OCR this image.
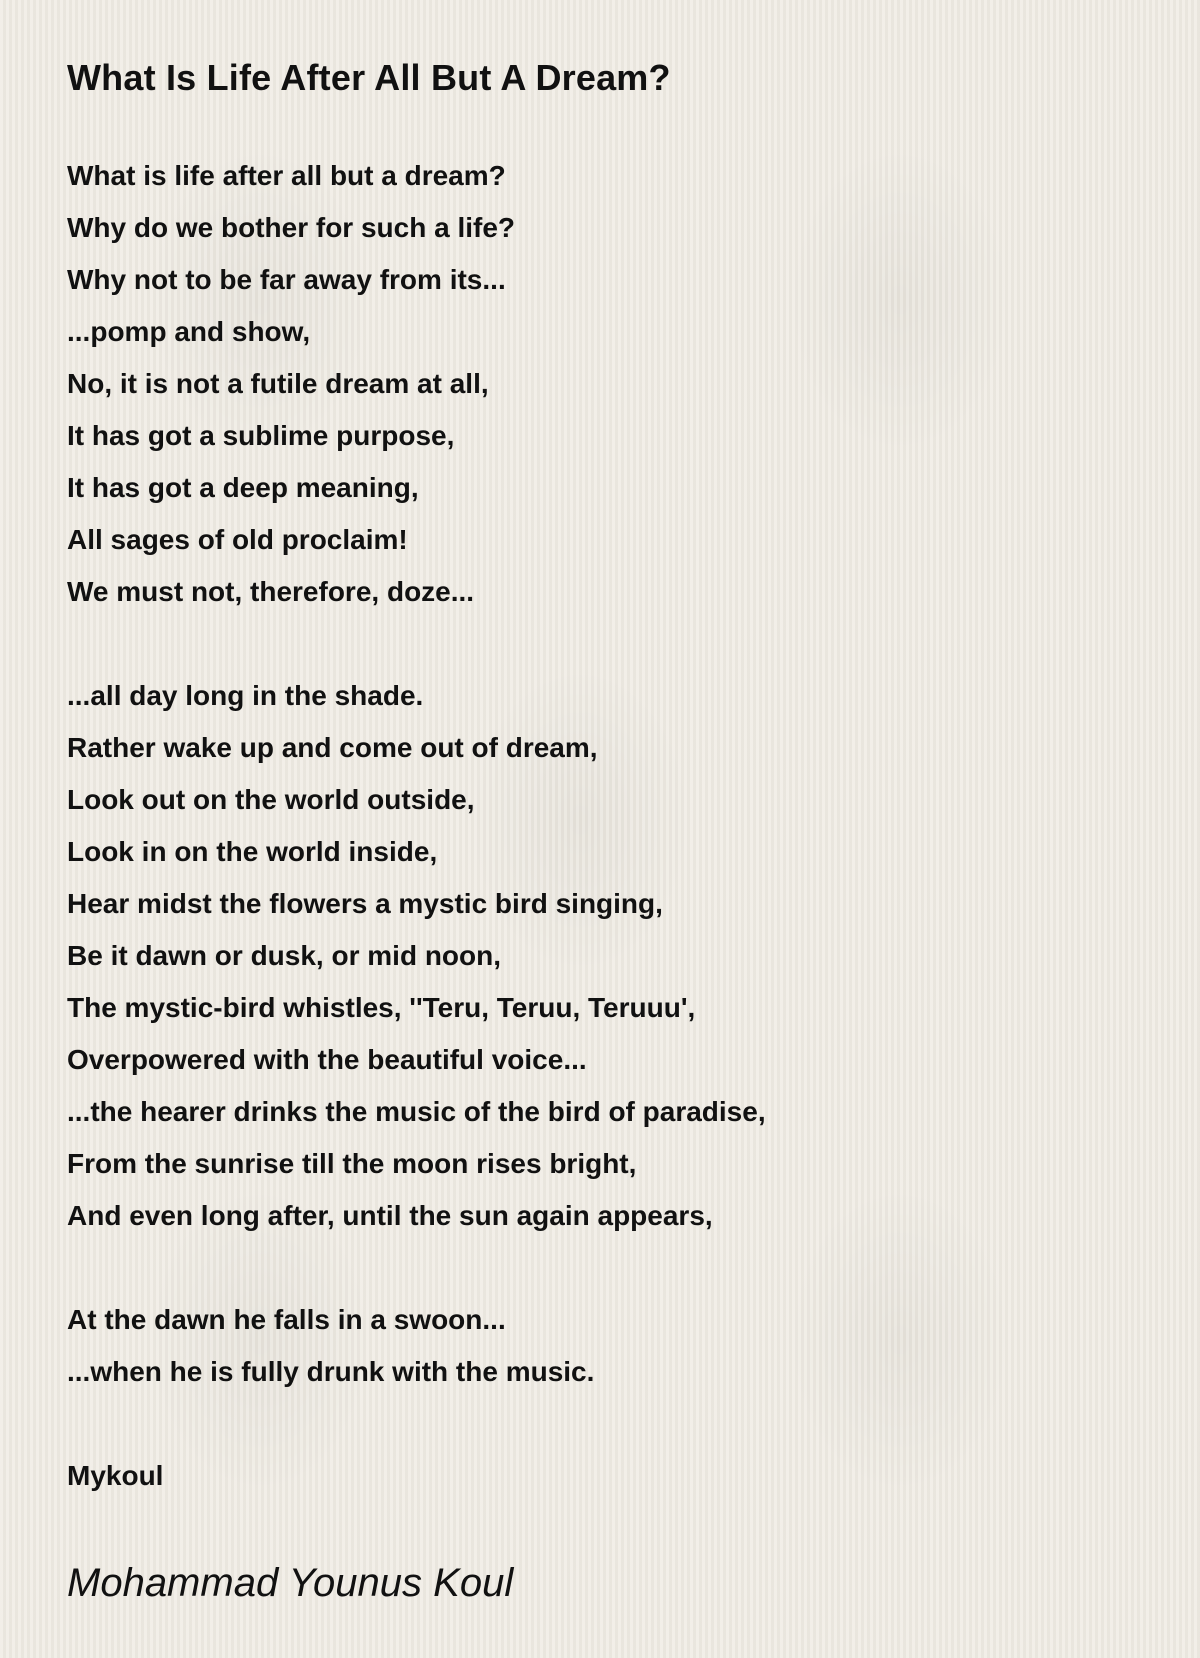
What Is Life After All But A Dream?
What is life after all but a dream?
Why do we bother for such a life?
Why not to be far away from its...
...pomp and show,
No, it is not a futile dream at all,
It has got a sublime purpose,
It has got a deep meaning,
All sages of old proclaim!
We must not, therefore, doze...
...all day long in the shade.
Rather wake up and come out of dream,
Look out on the world outside,
Look in on the world inside,
Hear midst the flowers a mystic bird singing,
Be it dawn or dusk, or mid noon,
The mystic-bird whistles, ''Teru, Teruu, Teruuu',
Overpowered with the beautiful voice...
...the hearer drinks the music of the bird of paradise,
From the sunrise till the moon rises bright,
And even long after, until the sun again appears,
At the dawn he falls in a swoon...
...when he is fully drunk with the music.
Mykoul
Mohammad Younus Koul
